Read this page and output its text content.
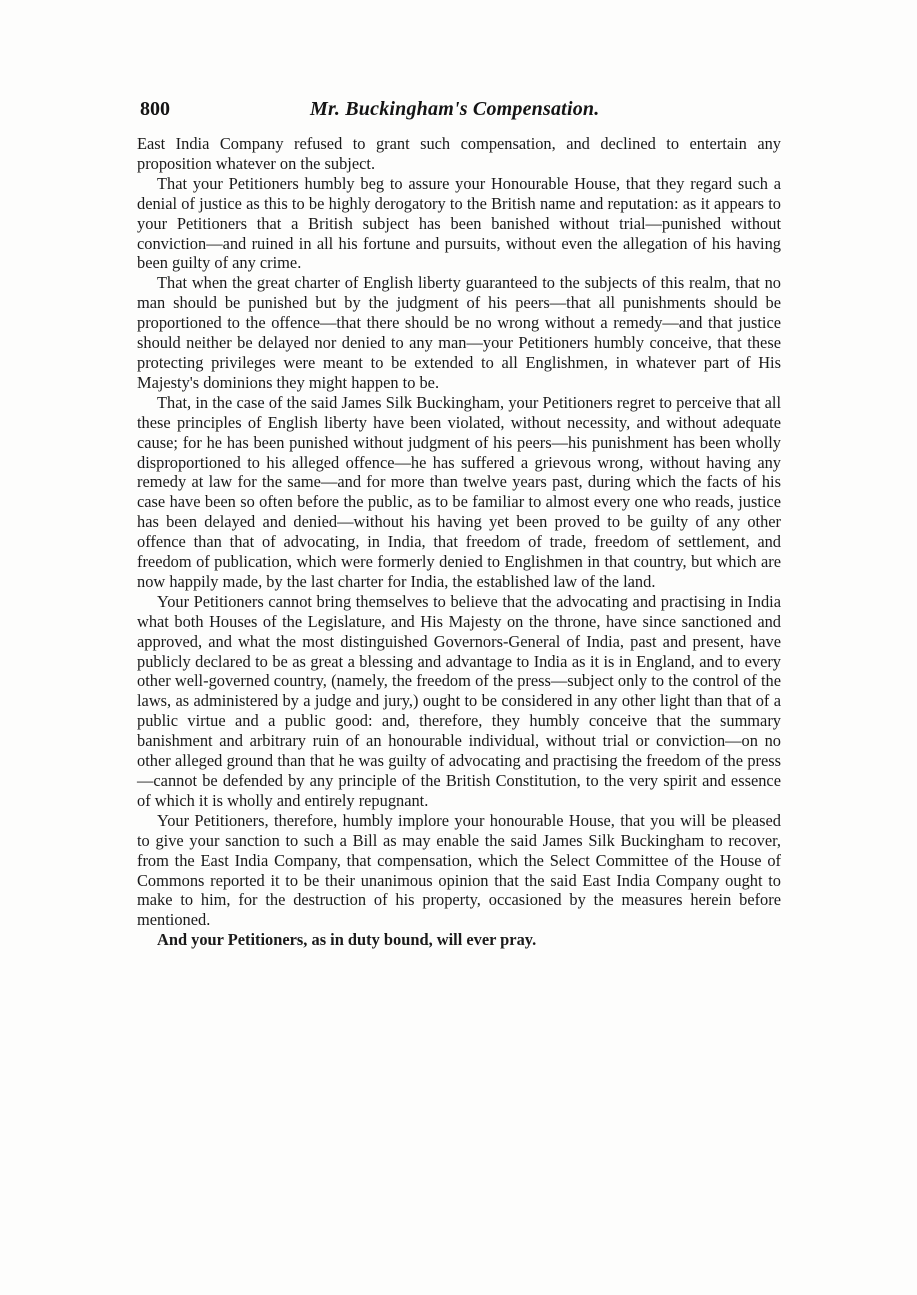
800	Mr. Buckingham's Compensation.

East India Company refused to grant such compensation, and declined to entertain any proposition whatever on the subject.

That your Petitioners humbly beg to assure your Honourable House, that they regard such a denial of justice as this to be highly derogatory to the British name and reputation: as it appears to your Petitioners that a British subject has been banished without trial—punished without conviction—and ruined in all his fortune and pursuits, without even the allegation of his having been guilty of any crime.

That when the great charter of English liberty guaranteed to the subjects of this realm, that no man should be punished but by the judgment of his peers—that all punishments should be proportioned to the offence—that there should be no wrong without a remedy—and that justice should neither be delayed nor denied to any man—your Petitioners humbly conceive, that these protecting privileges were meant to be extended to all Englishmen, in whatever part of His Majesty's dominions they might happen to be.

That, in the case of the said James Silk Buckingham, your Petitioners regret to perceive that all these principles of English liberty have been violated, without necessity, and without adequate cause; for he has been punished without judgment of his peers—his punishment has been wholly disproportioned to his alleged offence—he has suffered a grievous wrong, without having any remedy at law for the same—and for more than twelve years past, during which the facts of his case have been so often before the public, as to be familiar to almost every one who reads, justice has been delayed and denied—without his having yet been proved to be guilty of any other offence than that of advocating, in India, that freedom of trade, freedom of settlement, and freedom of publication, which were formerly denied to Englishmen in that country, but which are now happily made, by the last charter for India, the established law of the land.

Your Petitioners cannot bring themselves to believe that the advocating and practising in India what both Houses of the Legislature, and His Majesty on the throne, have since sanctioned and approved, and what the most distinguished Governors-General of India, past and present, have publicly declared to be as great a blessing and advantage to India as it is in England, and to every other well-governed country, (namely, the freedom of the press—subject only to the control of the laws, as administered by a judge and jury,) ought to be considered in any other light than that of a public virtue and a public good: and, therefore, they humbly conceive that the summary banishment and arbitrary ruin of an honourable individual, without trial or conviction—on no other alleged ground than that he was guilty of advocating and practising the freedom of the press—cannot be defended by any principle of the British Constitution, to the very spirit and essence of which it is wholly and entirely repugnant.

Your Petitioners, therefore, humbly implore your honourable House, that you will be pleased to give your sanction to such a Bill as may enable the said James Silk Buckingham to recover, from the East India Company, that compensation, which the Select Committee of the House of Commons reported it to be their unanimous opinion that the said East India Company ought to make to him, for the destruction of his property, occasioned by the measures herein before mentioned.

And your Petitioners, as in duty bound, will ever pray.
